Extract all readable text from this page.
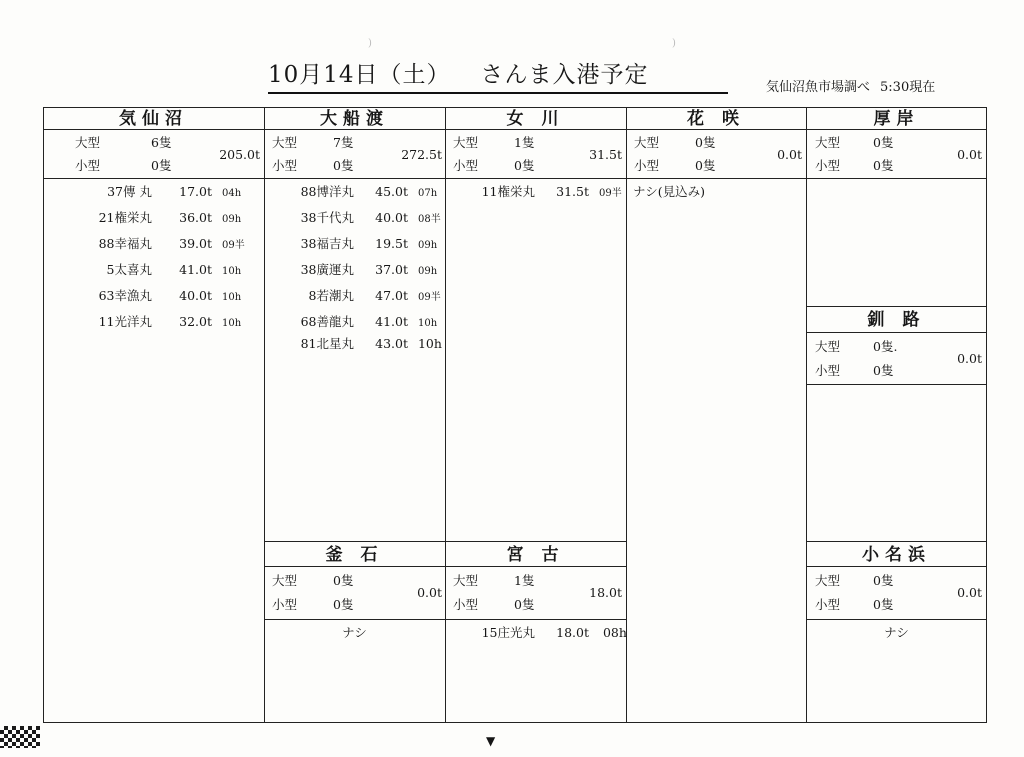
10月14日（土） さんま入港予定	気仙沼魚市場調べ 5:30現在
気仙沼
大型	6隻
小型	0隻
205.0t
37傳 丸 17.0t 04h
21権栄丸 36.0t 09h
88幸福丸 39.0t 09半
5太喜丸 41.0t 10h
63幸漁丸 40.0t 10h
11光洋丸 32.0t 10h
大船渡
大型	7隻
小型	0隻
272.5t
88博洋丸 45.0t 07h
38千代丸 40.0t 08半
38福吉丸 19.5t 09h
38廣運丸 37.0t 09h
8若潮丸 47.0t 09半
68善龍丸 41.0t 10h
81北星丸 43.0t 10h
女 川
大型	1隻
小型	0隻
31.5t
11権栄丸 31.5t 09半
花 咲
大型	0隻
小型	0隻
0.0t
ナシ(見込み)
厚岸
大型	0隻
小型	0隻
0.0t
釧 路
大型	0隻.
小型	0隻
0.0t
釜 石
大型	0隻
小型	0隻
0.0t
ナシ
宮 古
大型	1隻
小型	0隻
18.0t
15庄光丸 18.0t 08h
小名浜
大型	0隻
小型	0隻
0.0t
ナシ
▼
)	)
